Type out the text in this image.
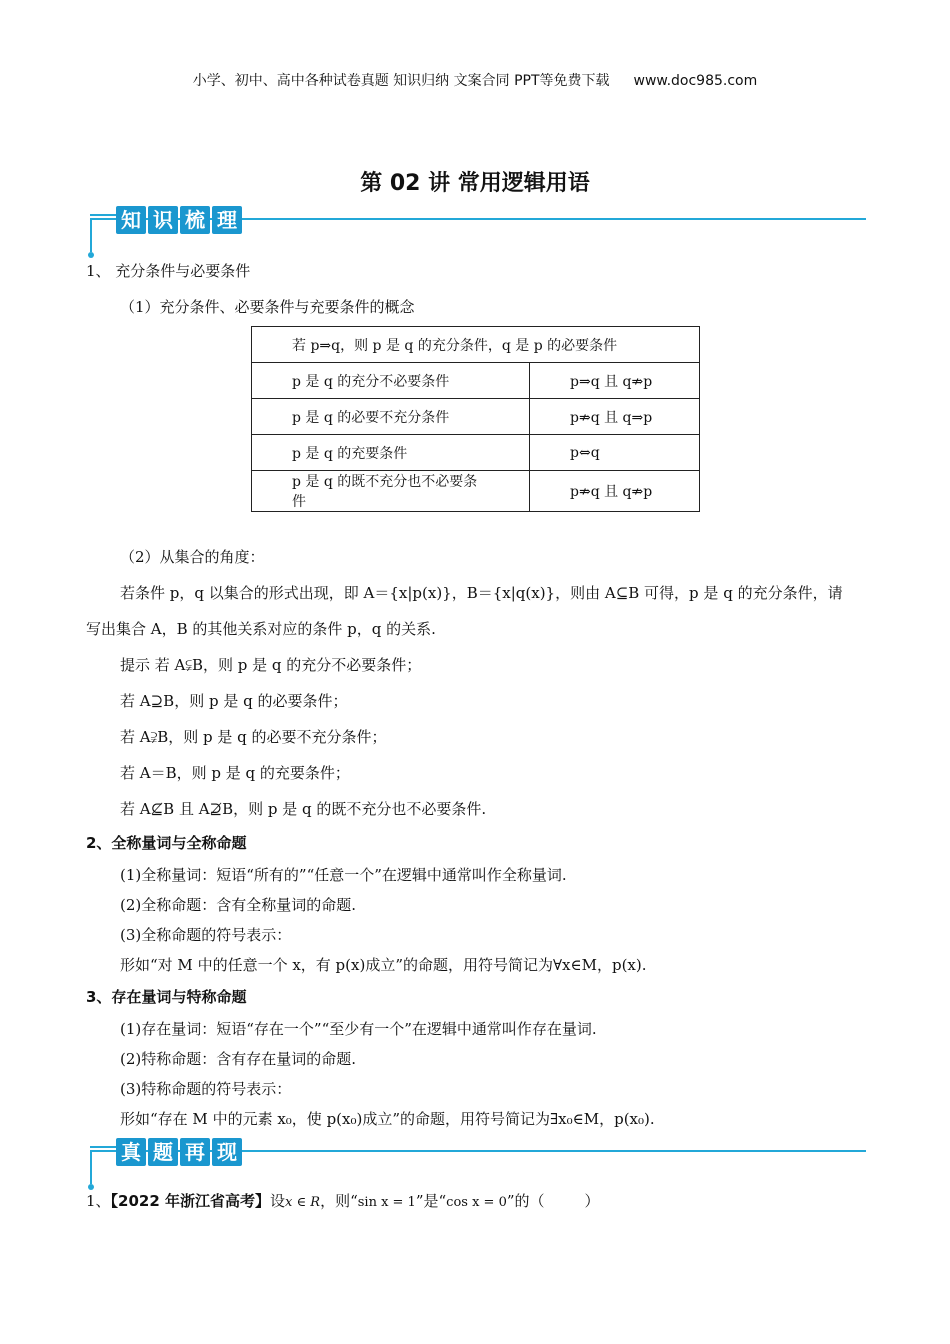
小学、初中、高中各种试卷真题 知识归纳 文案合同 PPT等免费下载 www.doc985.com
第 02 讲 常用逻辑用语
知 识 梳 理
1、 充分条件与必要条件
（1）充分条件、必要条件与充要条件的概念
若 p⇒q，则 p 是 q 的充分条件，q 是 p 的必要条件	
p 是 q 的充分不必要条件	p⇒q 且 q⇏p
p 是 q 的必要不充分条件	p⇏q 且 q⇒p
p 是 q 的充要条件	p⇔q
p 是 q 的既不充分也不必要条件	p⇏q 且 q⇏p
（2）从集合的角度：
若条件 p，q 以集合的形式出现，即 A＝{x|p(x)}，B＝{x|q(x)}，则由 A⊆B 可得，p 是 q 的充分条件，请
写出集合 A，B 的其他关系对应的条件 p，q 的关系.
提示 若 A⫋B，则 p 是 q 的充分不必要条件；
若 A⊇B，则 p 是 q 的必要条件；
若 A⫌B，则 p 是 q 的必要不充分条件；
若 A＝B，则 p 是 q 的充要条件；
若 A⊈B 且 A⊉B，则 p 是 q 的既不充分也不必要条件.
2、全称量词与全称命题
(1)全称量词：短语“所有的”“任意一个”在逻辑中通常叫作全称量词.
(2)全称命题：含有全称量词的命题.
(3)全称命题的符号表示：
形如“对 M 中的任意一个 x，有 p(x)成立”的命题，用符号简记为∀x∈M，p(x).
3、存在量词与特称命题
(1)存在量词：短语“存在一个”“至少有一个”在逻辑中通常叫作存在量词.
(2)特称命题：含有存在量词的命题.
(3)特称命题的符号表示：
形如“存在 M 中的元素 x₀，使 p(x₀)成立”的命题，用符号简记为∃x₀∈M，p(x₀).
真 题 再 现
1、【2022 年浙江省高考】设x ∈ R，则“sin x = 1”是“cos x = 0”的（	）
